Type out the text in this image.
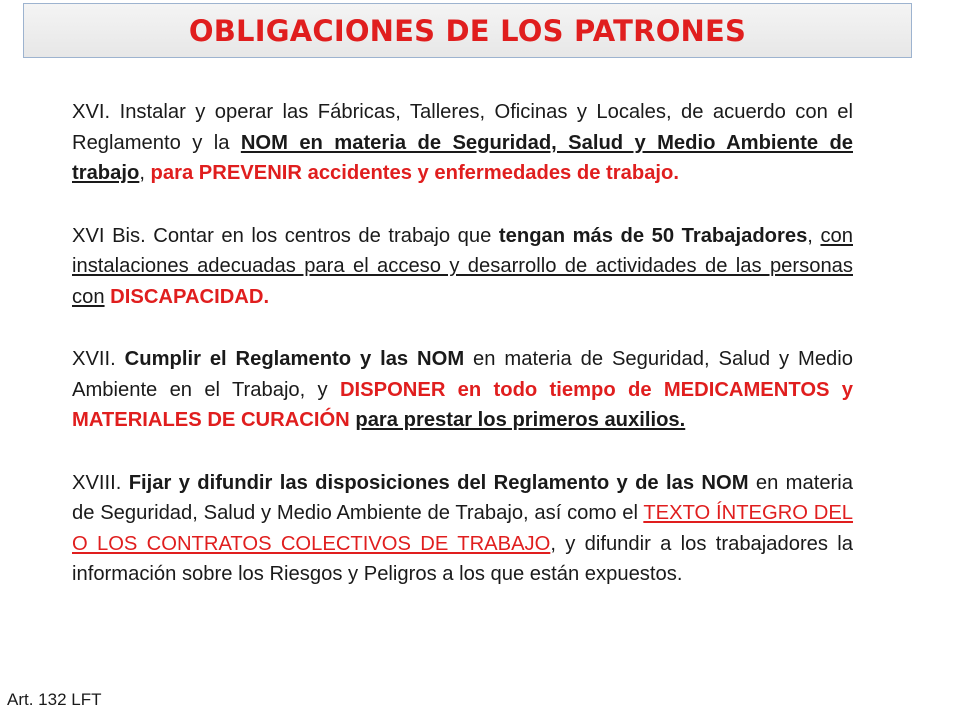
OBLIGACIONES DE LOS PATRONES

XVI. Instalar y operar las Fábricas, Talleres, Oficinas y Locales, de acuerdo con el Reglamento y la NOM en materia de Seguridad, Salud y Medio Ambiente de trabajo, para PREVENIR accidentes y enfermedades de trabajo.

XVI Bis. Contar en los centros de trabajo que tengan más de 50 Trabajadores, con instalaciones adecuadas para el acceso y desarrollo de actividades de las personas con DISCAPACIDAD.

XVII. Cumplir el Reglamento y las NOM en materia de Seguridad, Salud y Medio Ambiente en el Trabajo, y DISPONER en todo tiempo de MEDICAMENTOS y MATERIALES DE CURACIÓN para prestar los primeros auxilios.

XVIII. Fijar y difundir las disposiciones del Reglamento y de las NOM en materia de Seguridad, Salud y Medio Ambiente de Trabajo, así como el TEXTO ÍNTEGRO DEL O LOS CONTRATOS COLECTIVOS DE TRABAJO, y difundir a los trabajadores la información sobre los Riesgos y Peligros a los que están expuestos.

Art. 132 LFT
